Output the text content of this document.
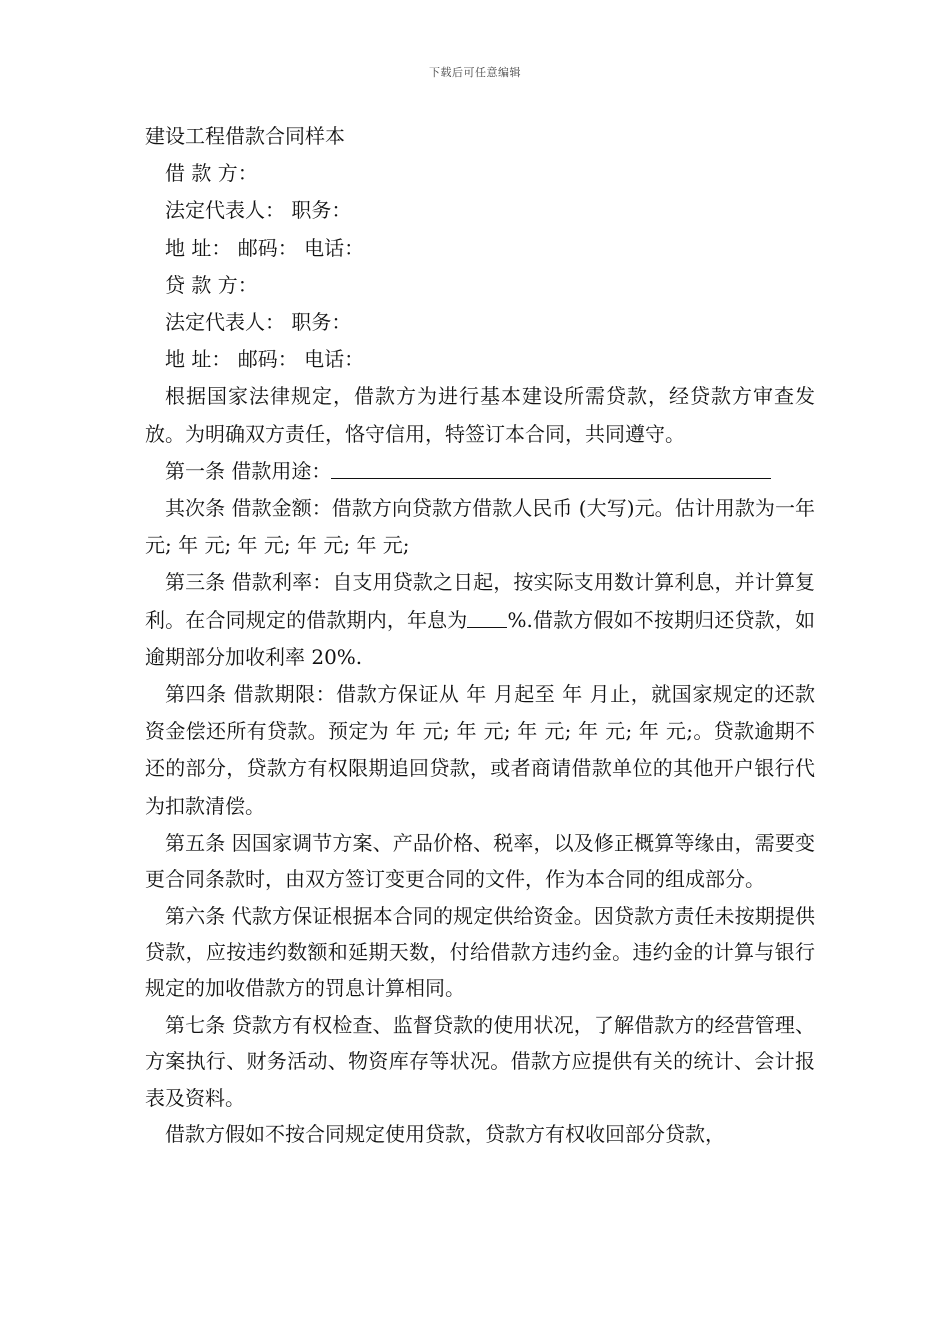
下载后可任意编辑

建设工程借款合同样本

借 款 方：

法定代表人： 职务：

地 址： 邮码： 电话：

贷 款 方：

法定代表人： 职务：

地 址： 邮码： 电话：

根据国家法律规定，借款方为进行基本建设所需贷款，经贷款方审查发放。为明确双方责任，恪守信用，特签订本合同，共同遵守。

第一条 借款用途：

其次条 借款金额：借款方向贷款方借款人民币 (大写)元。估计用款为一年 元; 年 元; 年 元; 年 元; 年 元;

第三条 借款利率：自支用贷款之日起，按实际支用数计算利息，并计算复利。在合同规定的借款期内，年息为 %.借款方假如不按期归还贷款，如逾期部分加收利率 20%.

第四条 借款期限：借款方保证从 年 月起至 年 月止，就国家规定的还款资金偿还所有贷款。预定为 年 元; 年 元; 年 元; 年 元; 年 元;。贷款逾期不还的部分，贷款方有权限期追回贷款，或者商请借款单位的其他开户银行代为扣款清偿。

第五条 因国家调节方案、产品价格、税率，以及修正概算等缘由，需要变更合同条款时，由双方签订变更合同的文件，作为本合同的组成部分。

第六条 代款方保证根据本合同的规定供给资金。因贷款方责任未按期提供贷款，应按违约数额和延期天数，付给借款方违约金。违约金的计算与银行规定的加收借款方的罚息计算相同。

第七条 贷款方有权检查、监督贷款的使用状况，了解借款方的经营管理、方案执行、财务活动、物资库存等状况。借款方应提供有关的统计、会计报表及资料。

借款方假如不按合同规定使用贷款，贷款方有权收回部分贷款，
